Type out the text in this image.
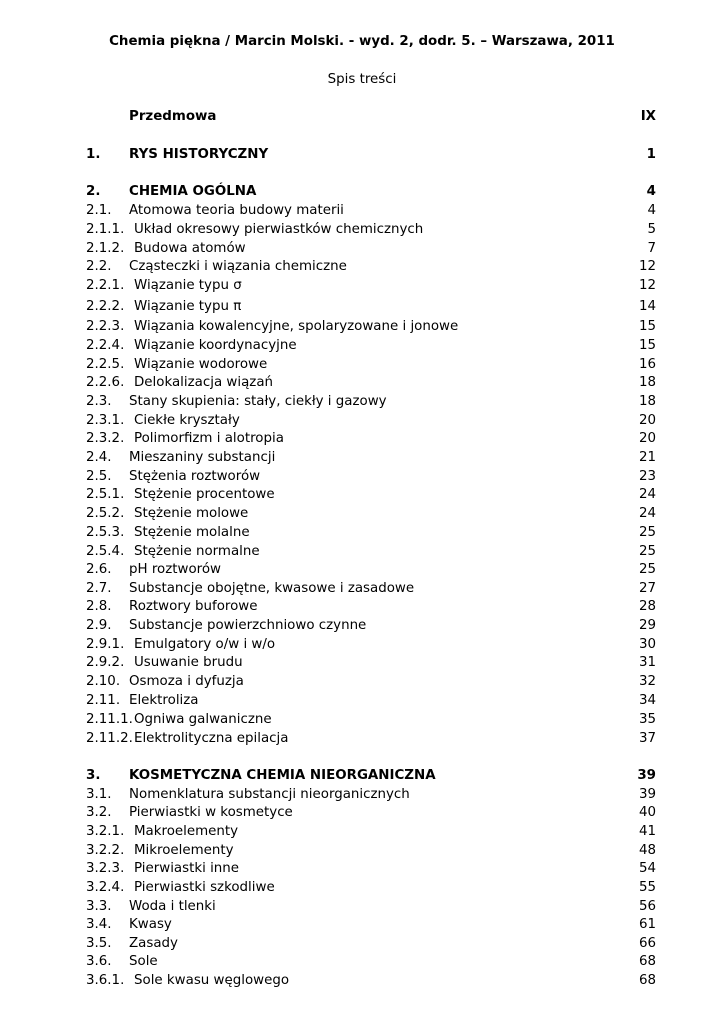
Chemia piękna / Marcin Molski. - wyd. 2, dodr. 5. – Warszawa, 2011
Spis treści
Przedmowa	IX
1. RYS HISTORYCZNY	1
2. CHEMIA OGÓLNA	4
2.1. Atomowa teoria budowy materii	4
2.1.1. Układ okresowy pierwiastków chemicznych	5
2.1.2. Budowa atomów	7
2.2. Cząsteczki i wiązania chemiczne	12
2.2.1. Wiązanie typu σ	12
2.2.2. Wiązanie typu π	14
2.2.3. Wiązania kowalencyjne, spolaryzowane i jonowe	15
2.2.4. Wiązanie koordynacyjne	15
2.2.5. Wiązanie wodorowe	16
2.2.6. Delokalizacja wiązań	18
2.3. Stany skupienia: stały, ciekły i gazowy	18
2.3.1. Ciekłe kryształy	20
2.3.2. Polimorfizm i alotropia	20
2.4. Mieszaniny substancji	21
2.5. Stężenia roztworów	23
2.5.1. Stężenie procentowe	24
2.5.2. Stężenie molowe	24
2.5.3. Stężenie molalne	25
2.5.4. Stężenie normalne	25
2.6. pH roztworów	25
2.7. Substancje obojętne, kwasowe i zasadowe	27
2.8. Roztwory buforowe	28
2.9. Substancje powierzchniowo czynne	29
2.9.1. Emulgatory o/w i w/o	30
2.9.2. Usuwanie brudu	31
2.10. Osmoza i dyfuzja	32
2.11. Elektroliza	34
2.11.1. Ogniwa galwaniczne	35
2.11.2. Elektrolityczna epilacja	37
3. KOSMETYCZNA CHEMIA NIEORGANICZNA	39
3.1. Nomenklatura substancji nieorganicznych	39
3.2. Pierwiastki w kosmetyce	40
3.2.1. Makroelementy	41
3.2.2. Mikroelementy	48
3.2.3. Pierwiastki inne	54
3.2.4. Pierwiastki szkodliwe	55
3.3. Woda i tlenki	56
3.4. Kwasy	61
3.5. Zasady	66
3.6. Sole	68
3.6.1. Sole kwasu węglowego	68
